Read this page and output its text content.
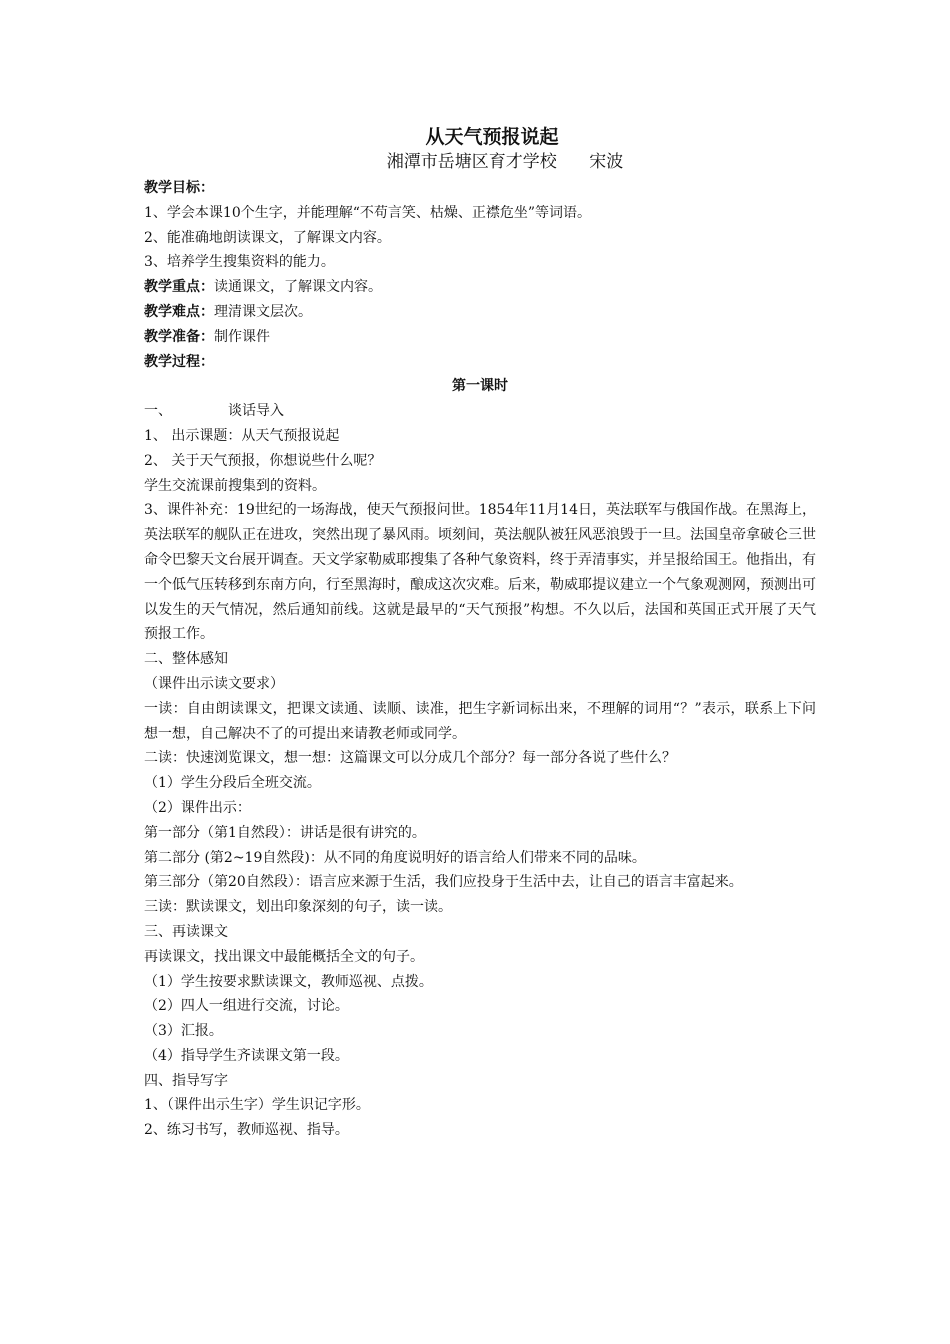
从天气预报说起
湘潭市岳塘区育才学校      宋波
教学目标：
1、学会本课10个生字，并能理解“不苟言笑、枯燥、正襟危坐”等词语。
2、能准确地朗读课文，了解课文内容。
3、培养学生搜集资料的能力。
教学重点：读通课文，了解课文内容。
教学难点：理清课文层次。
教学准备：制作课件
教学过程：
第一课时
一、	谈话导入
1、 出示课题：从天气预报说起
2、 关于天气预报，你想说些什么呢？
学生交流课前搜集到的资料。
3、课件补充：19世纪的一场海战，使天气预报问世。1854年11月14日，英法联军与俄国作战。在黑海上，英法联军的舰队正在进攻，突然出现了暴风雨。顷刻间，英法舰队被狂风恶浪毁于一旦。法国皇帝拿破仑三世命令巴黎天文台展开调查。天文学家勒威耶搜集了各种气象资料，终于弄清事实，并呈报给国王。他指出，有一个低气压转移到东南方向，行至黑海时，酿成这次灾难。后来，勒威耶提议建立一个气象观测网，预测出可以发生的天气情况，然后通知前线。这就是最早的“天气预报”构想。不久以后，法国和英国正式开展了天气预报工作。
二、整体感知
（课件出示读文要求）
一读：自由朗读课文，把课文读通、读顺、读准，把生字新词标出来，不理解的词用“？”表示，联系上下问想一想，自己解决不了的可提出来请教老师或同学。
二读：快速浏览课文，想一想：这篇课文可以分成几个部分？每一部分各说了些什么？
（1）学生分段后全班交流。
（2）课件出示：
第一部分（第1自然段）：讲话是很有讲究的。
第二部分 (第2~19自然段)：从不同的角度说明好的语言给人们带来不同的品味。
第三部分（第20自然段）：语言应来源于生活，我们应投身于生活中去，让自己的语言丰富起来。
三读：默读课文，划出印象深刻的句子，读一读。
三、再读课文
再读课文，找出课文中最能概括全文的句子。
（1）学生按要求默读课文，教师巡视、点拨。
（2）四人一组进行交流，讨论。
（3）汇报。
（4）指导学生齐读课文第一段。
四、指导写字
1、（课件出示生字）学生识记字形。
2、练习书写，教师巡视、指导。
